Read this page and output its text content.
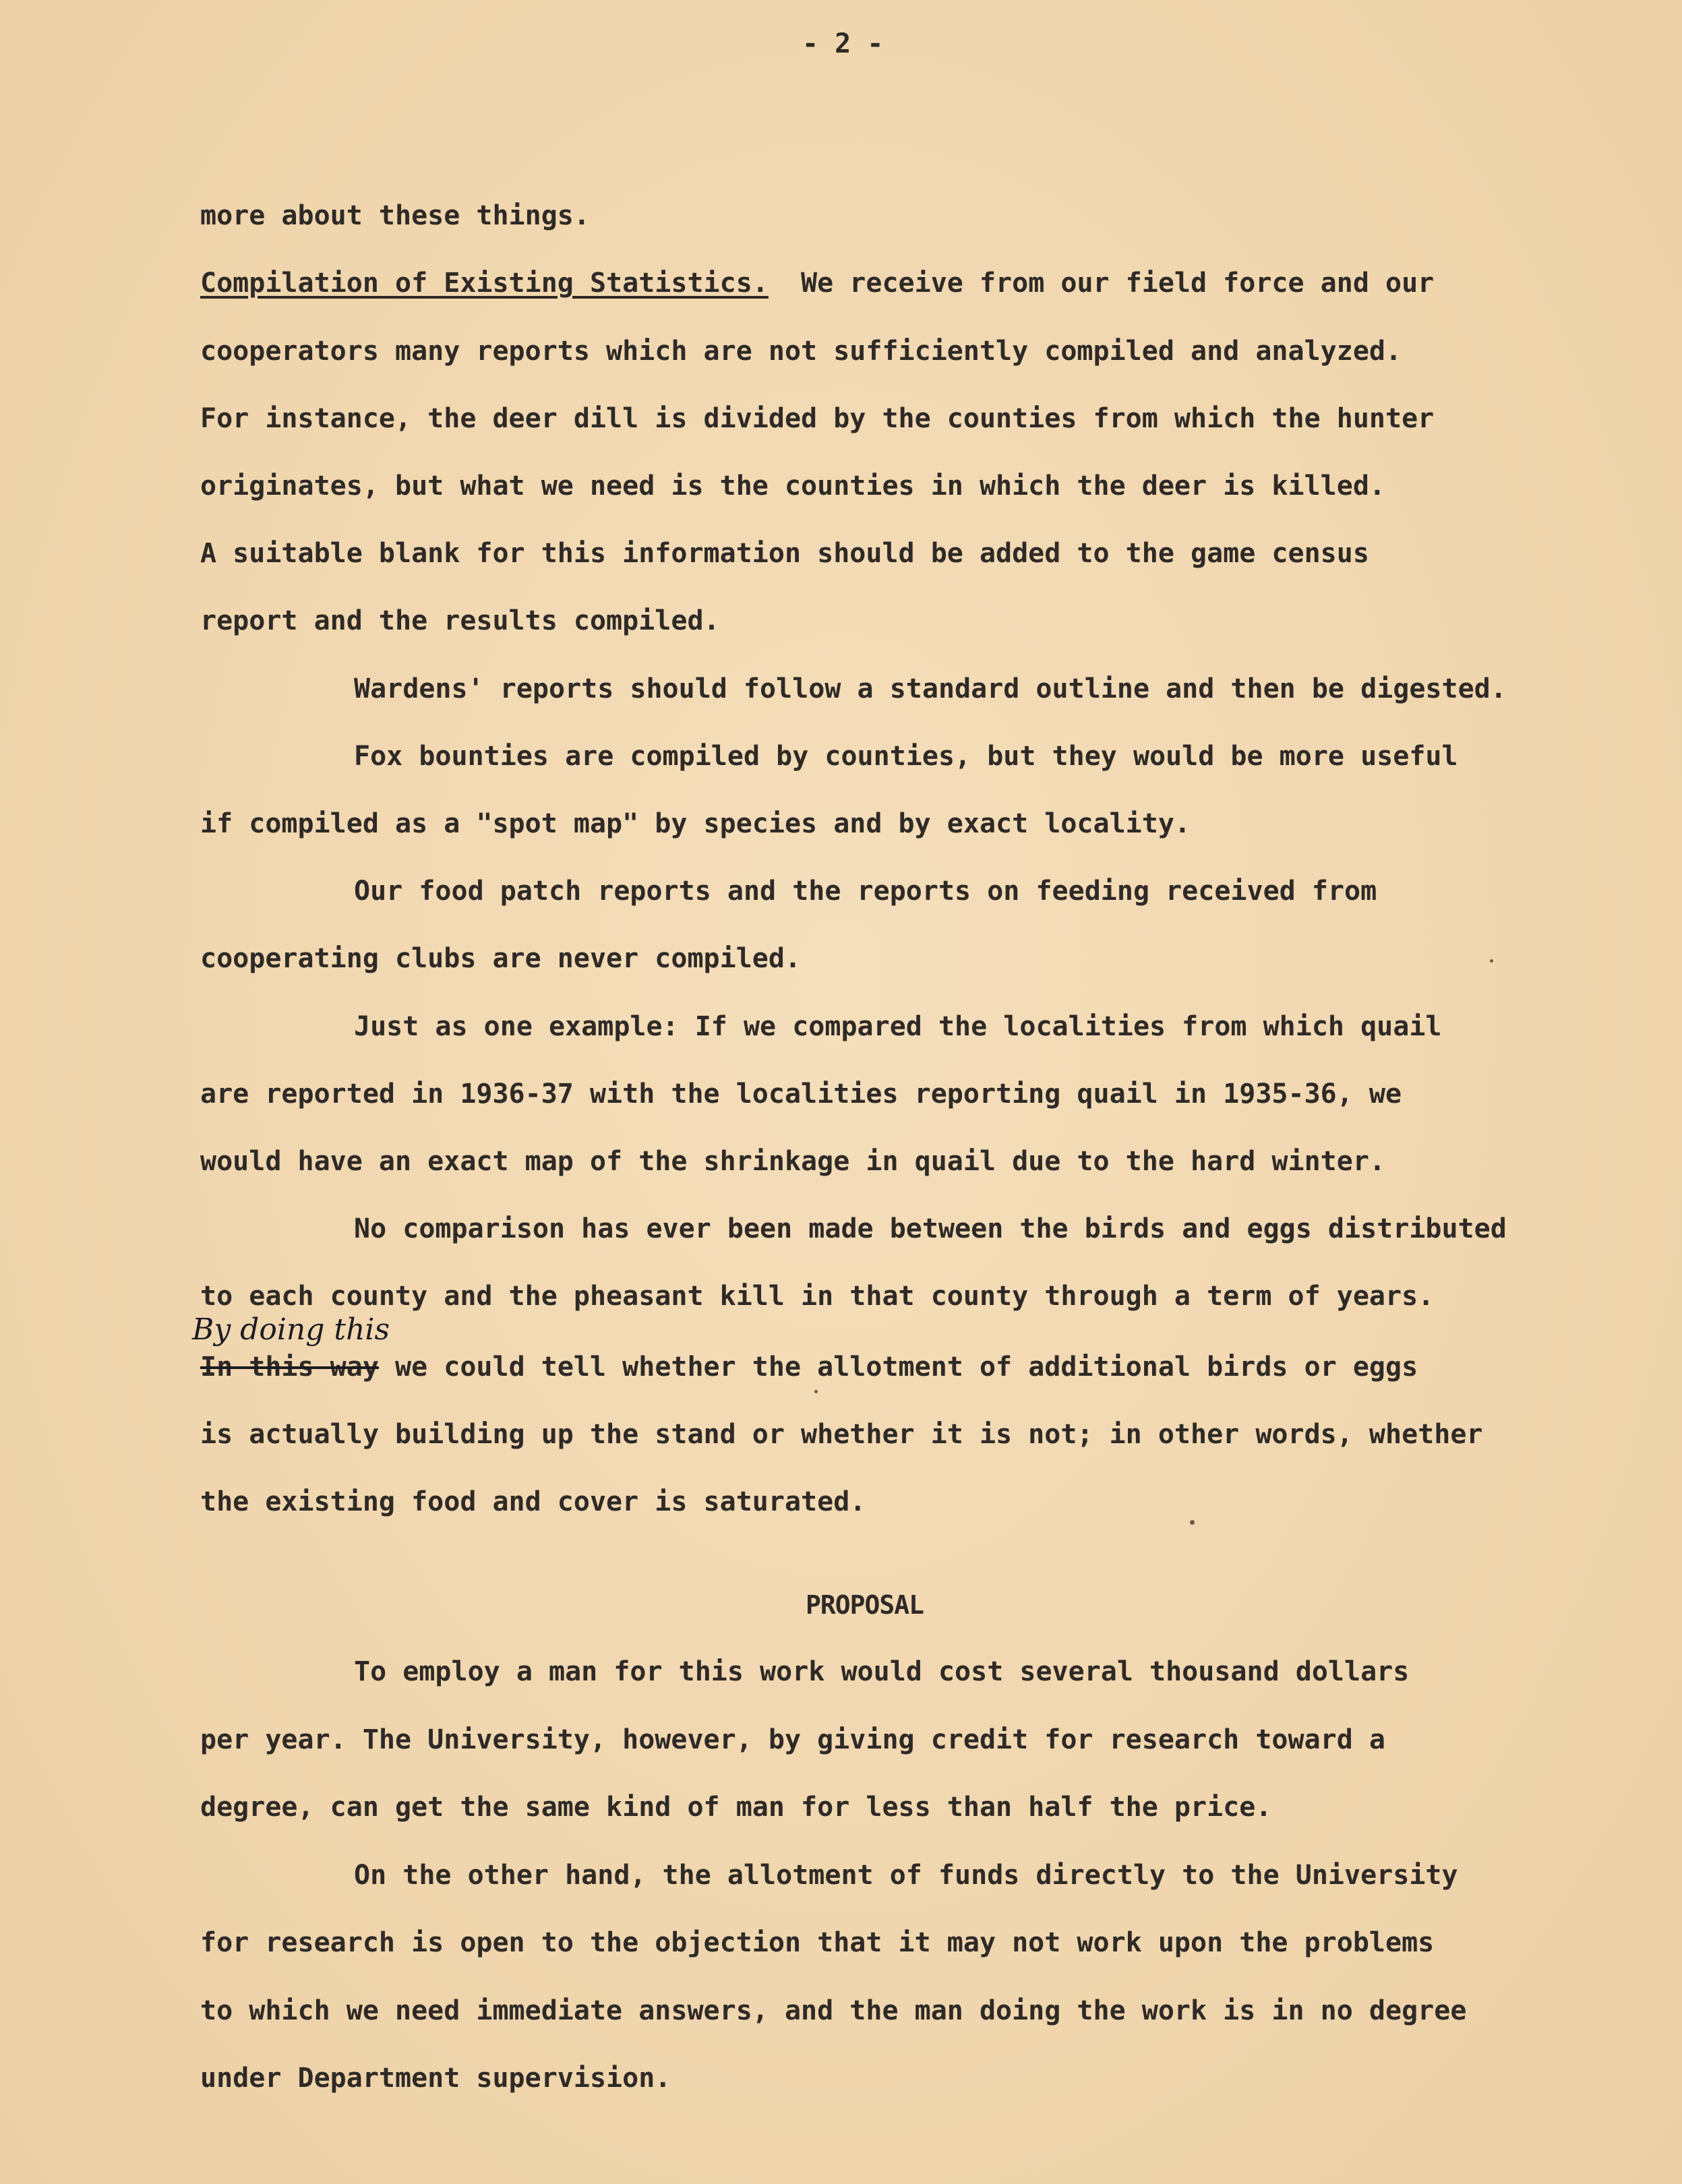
- 2 -

more about these things.

Compilation of Existing Statistics. We receive from our field force and our

cooperators many reports which are not sufficiently compiled and analyzed.

For instance, the deer dill is divided by the counties from which the hunter

originates, but what we need is the counties in which the deer is killed.

A suitable blank for this information should be added to the game census

report and the results compiled.

Wardens' reports should follow a standard outline and then be digested.

Fox bounties are compiled by counties, but they would be more useful

if compiled as a "spot map" by species and by exact locality.

Our food patch reports and the reports on feeding received from

cooperating clubs are never compiled.

Just as one example: If we compared the localities from which quail

are reported in 1936-37 with the localities reporting quail in 1935-36, we

would have an exact map of the shrinkage in quail due to the hard winter.

No comparison has ever been made between the birds and eggs distributed

to each county and the pheasant kill in that county through a term of years.

By doing this

In this way we could tell whether the allotment of additional birds or eggs

is actually building up the stand or whether it is not; in other words, whether

the existing food and cover is saturated.

PROPOSAL

To employ a man for this work would cost several thousand dollars

per year. The University, however, by giving credit for research toward a

degree, can get the same kind of man for less than half the price.

On the other hand, the allotment of funds directly to the University

for research is open to the objection that it may not work upon the problems

to which we need immediate answers, and the man doing the work is in no degree

under Department supervision.
